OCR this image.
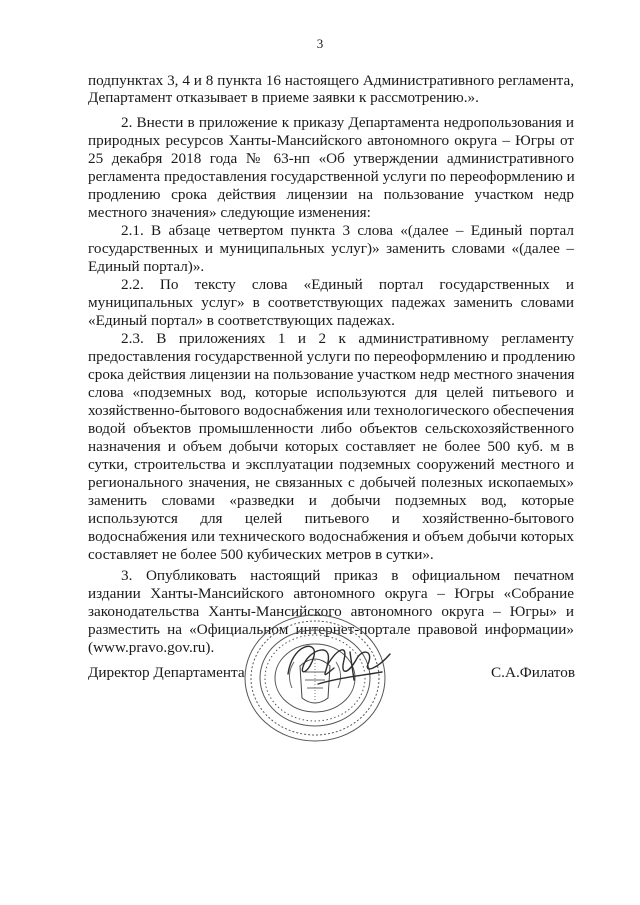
3
подпунктах 3, 4 и 8 пункта 16 настоящего Административного регламента,
Департамент отказывает в приеме заявки к рассмотрению.».
2. Внести в приложение к приказу Департамента недропользования и
природных ресурсов Ханты-Мансийского автономного округа – Югры от
25 декабря 2018 года № 63-нп «Об утверждении административного
регламента предоставления государственной услуги по переоформлению и
продлению срока действия лицензии на пользование участком недр
местного значения» следующие изменения:
2.1. В абзаце четвертом пункта 3 слова «(далее – Единый портал
государственных и муниципальных услуг)» заменить словами «(далее –
Единый портал)».
2.2. По тексту слова «Единый портал государственных и
муниципальных услуг» в соответствующих падежах заменить словами
«Единый портал» в соответствующих падежах.
2.3. В приложениях 1 и 2 к административному регламенту
предоставления государственной услуги по переоформлению и продлению
срока действия лицензии на пользование участком недр местного значения
слова «подземных вод, которые используются для целей питьевого и
хозяйственно-бытового водоснабжения или технологического обеспечения
водой объектов промышленности либо объектов сельскохозяйственного
назначения и объем добычи которых составляет не более 500 куб. м в
сутки, строительства и эксплуатации подземных сооружений местного и
регионального значения, не связанных с добычей полезных ископаемых»
заменить словами «разведки и добычи подземных вод, которые
используются для целей питьевого и хозяйственно-бытового
водоснабжения или технического водоснабжения и объем добычи которых
составляет не более 500 кубических метров в сутки».
3. Опубликовать настоящий приказ в официальном печатном
издании Ханты-Мансийского автономного округа – Югры «Собрание
законодательства Ханты-Мансийского автономного округа – Югры» и
разместить на «Официальном интернет-портале правовой информации»
(www.pravo.gov.ru).
Директор Департамента	С.А.Филатов
